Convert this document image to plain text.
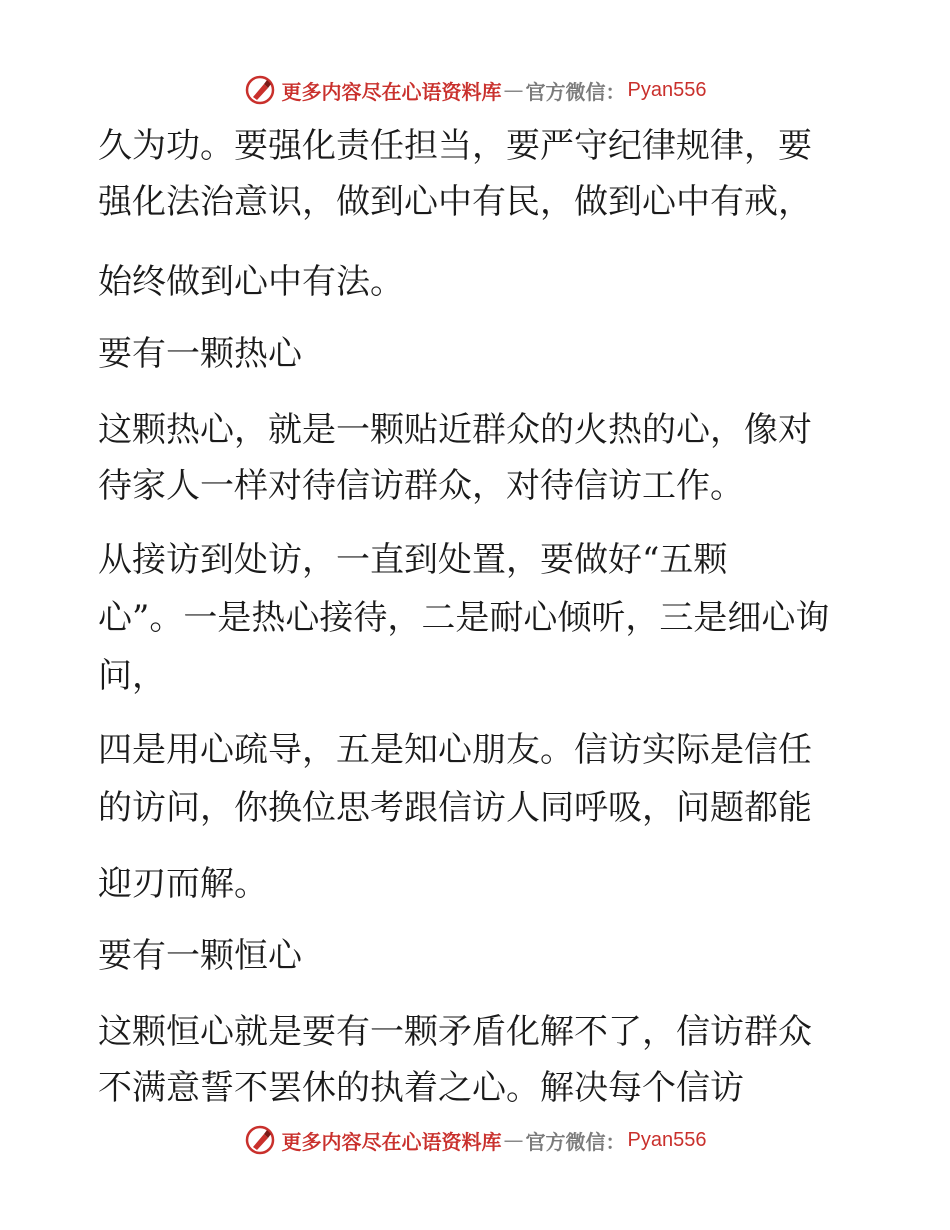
更多内容尽在心语资料库 — 官方微信： Pyan556
久为功。要强化责任担当，要严守纪律规律，要
强化法治意识，做到心中有民，做到心中有戒，
始终做到心中有法。
要有一颗热心
这颗热心，就是一颗贴近群众的火热的心，像对
待家人一样对待信访群众，对待信访工作。
从接访到处访，一直到处置，要做好“五颗
心”。一是热心接待，二是耐心倾听，三是细心询
问，
四是用心疏导，五是知心朋友。信访实际是信任
的访问，你换位思考跟信访人同呼吸，问题都能
迎刃而解。
要有一颗恒心
这颗恒心就是要有一颗矛盾化解不了，信访群众
不满意誓不罢休的执着之心。解决每个信访
更多内容尽在心语资料库 — 官方微信： Pyan556
